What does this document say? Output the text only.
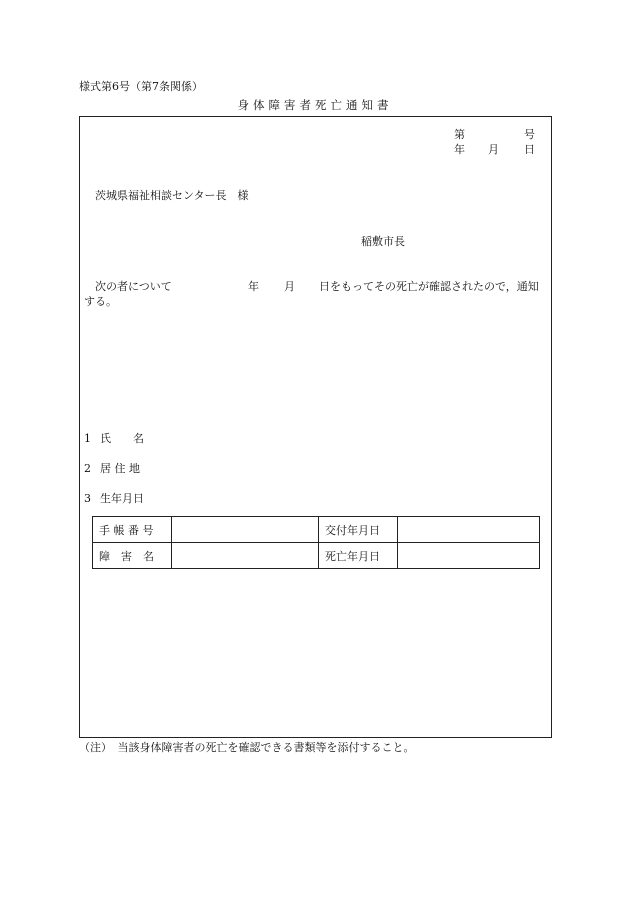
様式第6号（第7条関係）
身体障害者死亡通知書
第	号
年 月 日
茨城県福祉相談センター長　様
稲敷市長
次の者について	年 月 日をもってその死亡が確認されたので，通知
する。
1 氏　　名
2 居 住 地
3 生年月日
手 帳 番 号		交付年月日	
障　害　名		死亡年月日	
（注）　当該身体障害者の死亡を確認できる書類等を添付すること。
